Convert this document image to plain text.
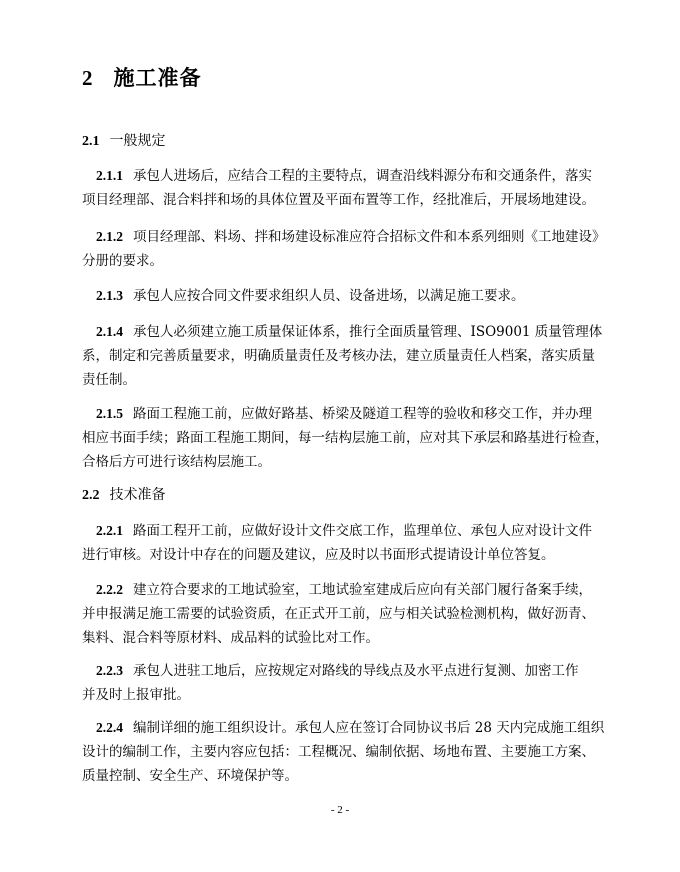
2 施工准备
2.1 一般规定
2.1.1 承包人进场后，应结合工程的主要特点，调查沿线料源分布和交通条件，落实
项目经理部、混合料拌和场的具体位置及平面布置等工作，经批准后，开展场地建设。
2.1.2 项目经理部、料场、拌和场建设标准应符合招标文件和本系列细则《工地建设》
分册的要求。
2.1.3 承包人应按合同文件要求组织人员、设备进场，以满足施工要求。
2.1.4 承包人必须建立施工质量保证体系，推行全面质量管理、ISO9001 质量管理体
系，制定和完善质量要求，明确质量责任及考核办法，建立质量责任人档案，落实质量
责任制。
2.1.5 路面工程施工前，应做好路基、桥梁及隧道工程等的验收和移交工作，并办理
相应书面手续；路面工程施工期间，每一结构层施工前，应对其下承层和路基进行检查，
合格后方可进行该结构层施工。
2.2 技术准备
2.2.1 路面工程开工前，应做好设计文件交底工作，监理单位、承包人应对设计文件
进行审核。对设计中存在的问题及建议，应及时以书面形式提请设计单位答复。
2.2.2 建立符合要求的工地试验室，工地试验室建成后应向有关部门履行备案手续，
并申报满足施工需要的试验资质，在正式开工前，应与相关试验检测机构，做好沥青、
集料、混合料等原材料、成品料的试验比对工作。
2.2.3 承包人进驻工地后，应按规定对路线的导线点及水平点进行复测、加密工作
并及时上报审批。
2.2.4 编制详细的施工组织设计。承包人应在签订合同协议书后 28 天内完成施工组织
设计的编制工作，主要内容应包括：工程概况、编制依据、场地布置、主要施工方案、
质量控制、安全生产、环境保护等。
- 2 -
